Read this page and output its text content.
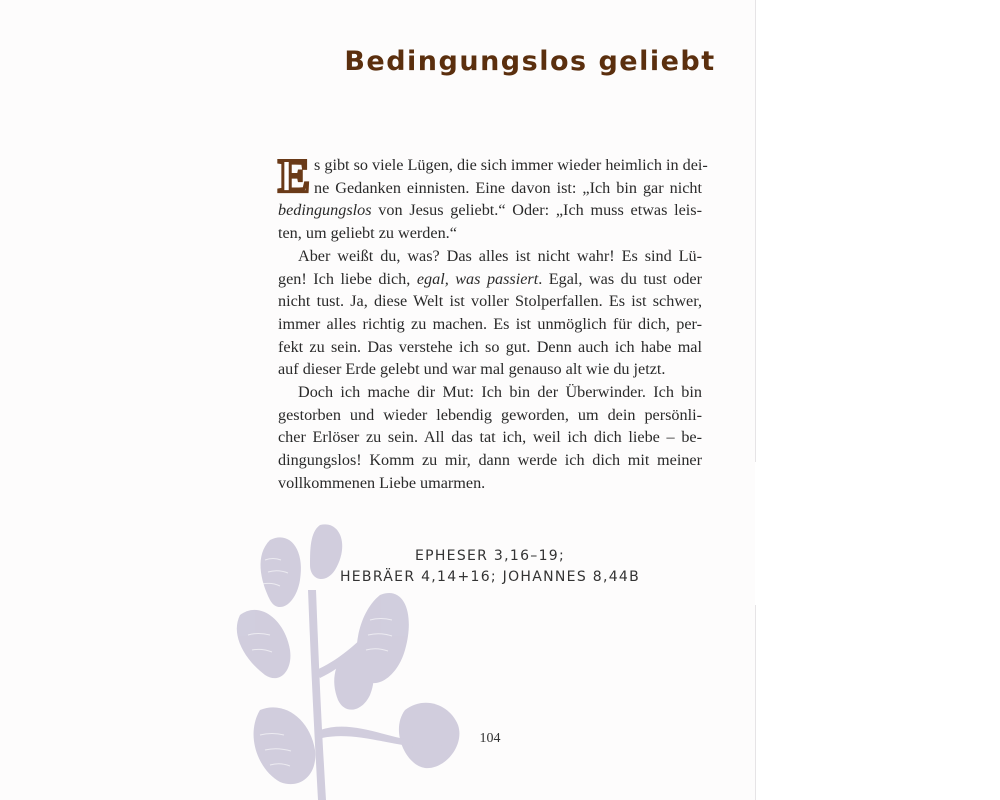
Bedingungslos geliebt

E s gibt so viele Lügen, die sich immer wieder heimlich in dei-
ne Gedanken einnisten. Eine davon ist: „Ich bin gar nicht
bedingungslos von Jesus geliebt.“ Oder: „Ich muss etwas leis-
ten, um geliebt zu werden.“

Aber weißt du, was? Das alles ist nicht wahr! Es sind Lü-
gen! Ich liebe dich, egal, was passiert. Egal, was du tust oder
nicht tust. Ja, diese Welt ist voller Stolperfallen. Es ist schwer,
immer alles richtig zu machen. Es ist unmöglich für dich, per-
fekt zu sein. Das verstehe ich so gut. Denn auch ich habe mal
auf dieser Erde gelebt und war mal genauso alt wie du jetzt.

Doch ich mache dir Mut: Ich bin der Überwinder. Ich bin
gestorben und wieder lebendig geworden, um dein persönli-
cher Erlöser zu sein. All das tat ich, weil ich dich liebe – be-
dingungslos! Komm zu mir, dann werde ich dich mit meiner
vollkommenen Liebe umarmen.

EPHESER 3,16–19;
HEBRÄER 4,14+16; JOHANNES 8,44B
104
